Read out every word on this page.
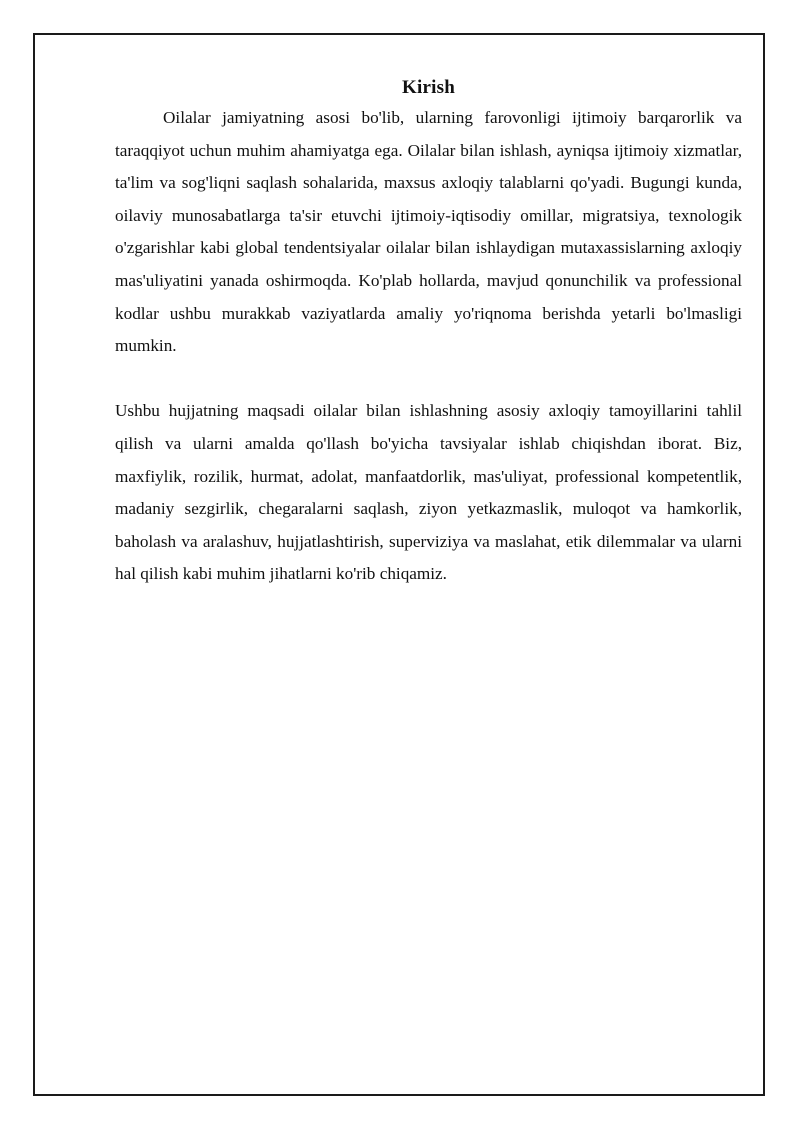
Kirish

Oilalar jamiyatning asosi bo'lib, ularning farovonligi ijtimoiy barqarorlik va taraqqiyot uchun muhim ahamiyatga ega. Oilalar bilan ishlash, ayniqsa ijtimoiy xizmatlar, ta'lim va sog'liqni saqlash sohalarida, maxsus axloqiy talablarni qo'yadi. Bugungi kunda, oilaviy munosabatlarga ta'sir etuvchi ijtimoiy-iqtisodiy omillar, migratsiya, texnologik o'zgarishlar kabi global tendentsiyalar oilalar bilan ishlaydigan mutaxassislarning axloqiy mas'uliyatini yanada oshirmoqda. Ko'plab hollarda, mavjud qonunchilik va professional kodlar ushbu murakkab vaziyatlarda amaliy yo'riqnoma berishda yetarli bo'lmasligi mumkin.

Ushbu hujjatning maqsadi oilalar bilan ishlashning asosiy axloqiy tamoyillarini tahlil qilish va ularni amalda qo'llash bo'yicha tavsiyalar ishlab chiqishdan iborat. Biz, maxfiylik, rozilik, hurmat, adolat, manfaatdorlik, mas'uliyat, professional kompetentlik, madaniy sezgirlik, chegaralarni saqlash, ziyon yetkazmaslik, muloqot va hamkorlik, baholash va aralashuv, hujjatlashtirish, superviziya va maslahat, etik dilemmalar va ularni hal qilish kabi muhim jihatlarni ko'rib chiqamiz.
